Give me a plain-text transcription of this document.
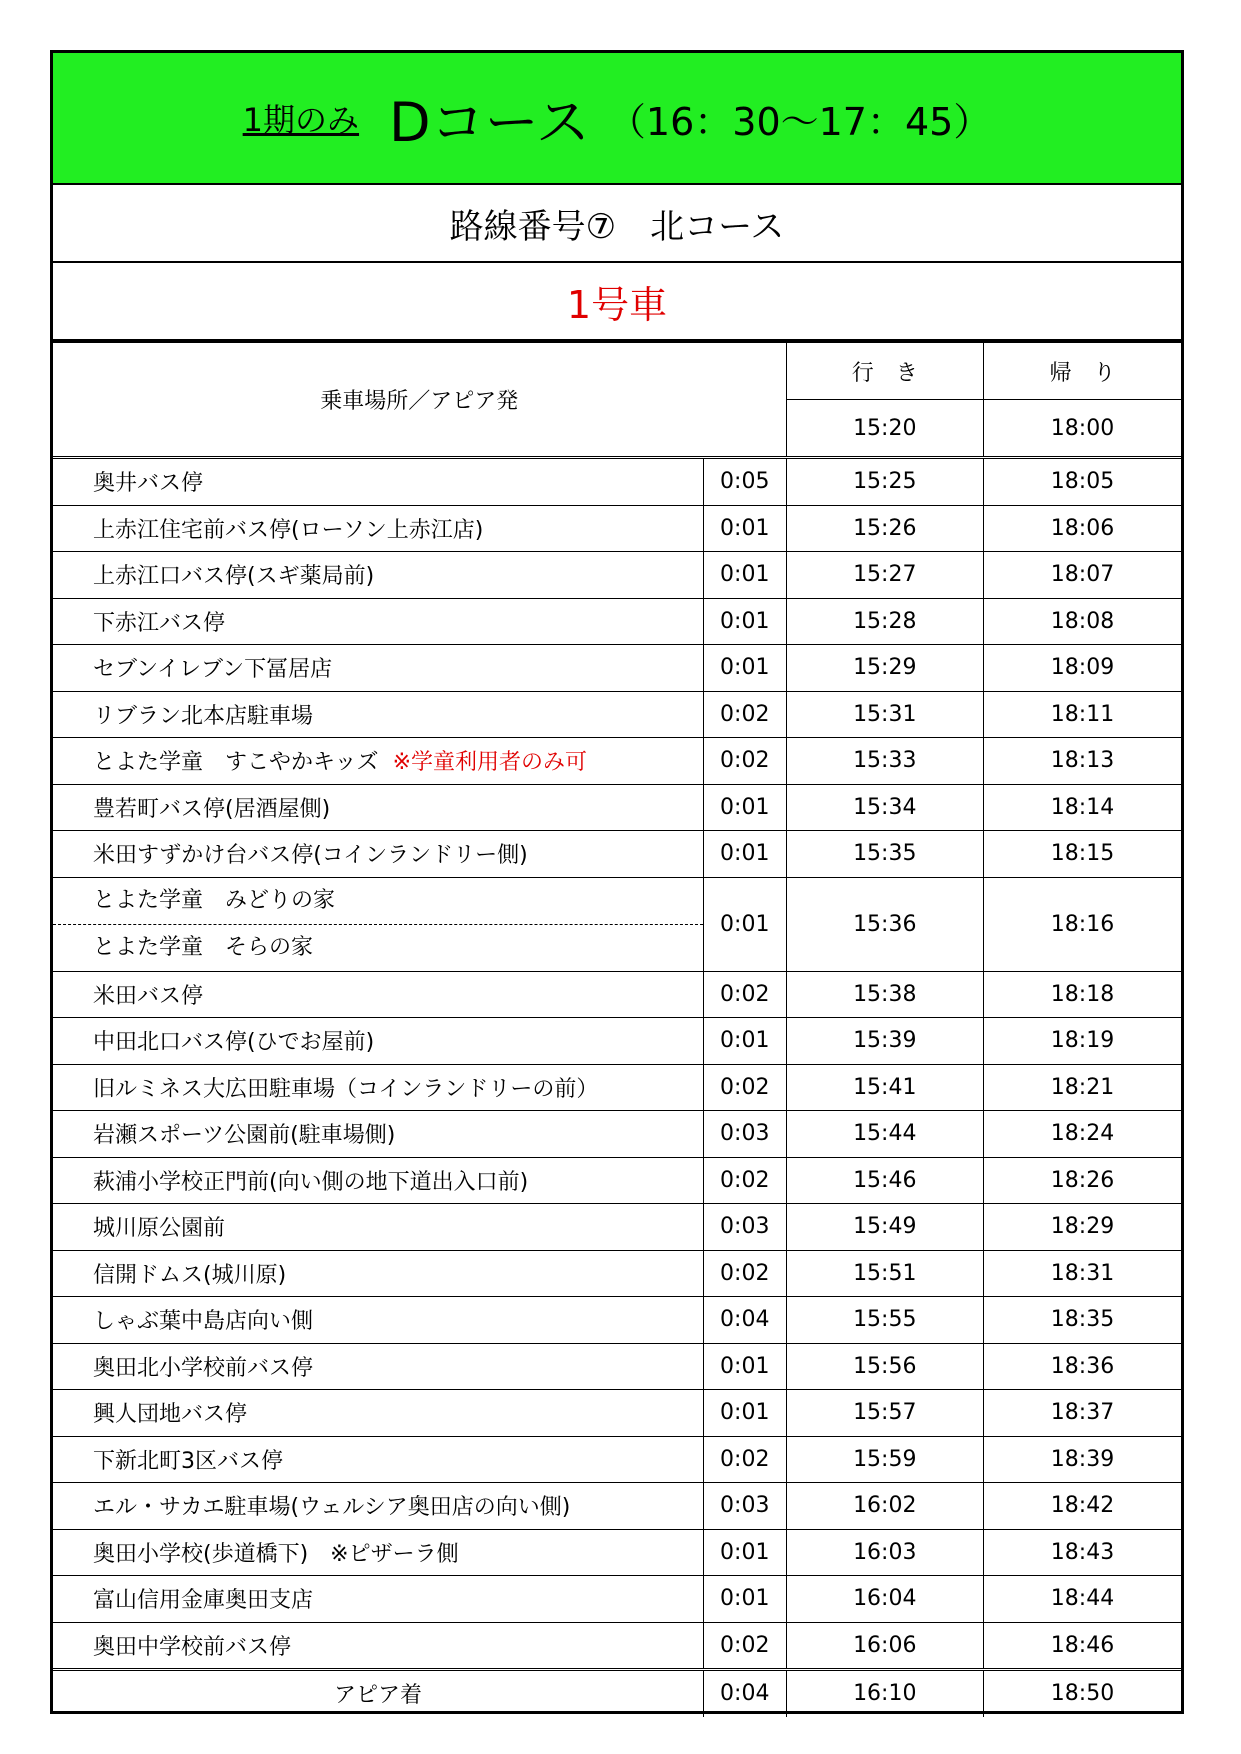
1期のみ Dコース （16：30～17：45）
路線番号⑦　北コース
1号車
乗車場所／アピア発		行　き	帰　り
		15:20	18:00
奥井バス停	0:05	15:25	18:05
上赤江住宅前バス停(ローソン上赤江店)	0:01	15:26	18:06
上赤江口バス停(スギ薬局前)	0:01	15:27	18:07
下赤江バス停	0:01	15:28	18:08
セブンイレブン下冨居店	0:01	15:29	18:09
リブラン北本店駐車場	0:02	15:31	18:11
とよた学童　すこやかキッズ ※学童利用者のみ可	0:02	15:33	18:13
豊若町バス停(居酒屋側)	0:01	15:34	18:14
米田すずかけ台バス停(コインランドリー側)	0:01	15:35	18:15

とよた学童　みどりの家
とよた学童　そらの家	0:01	15:36	18:16
米田バス停	0:02	15:38	18:18
中田北口バス停(ひでお屋前)	0:01	15:39	18:19
旧ルミネス大広田駐車場（コインランドリーの前）	0:02	15:41	18:21
岩瀬スポーツ公園前(駐車場側)	0:03	15:44	18:24
萩浦小学校正門前(向い側の地下道出入口前)	0:02	15:46	18:26
城川原公園前	0:03	15:49	18:29
信開ドムス(城川原)	0:02	15:51	18:31
しゃぶ葉中島店向い側	0:04	15:55	18:35
奥田北小学校前バス停	0:01	15:56	18:36
興人団地バス停	0:01	15:57	18:37
下新北町3区バス停	0:02	15:59	18:39
エル・サカエ駐車場(ウェルシア奥田店の向い側)	0:03	16:02	18:42
奥田小学校(歩道橋下)　※ピザーラ側	0:01	16:03	18:43
富山信用金庫奥田支店	0:01	16:04	18:44
奥田中学校前バス停	0:02	16:06	18:46
アピア着	0:04	16:10	18:50
